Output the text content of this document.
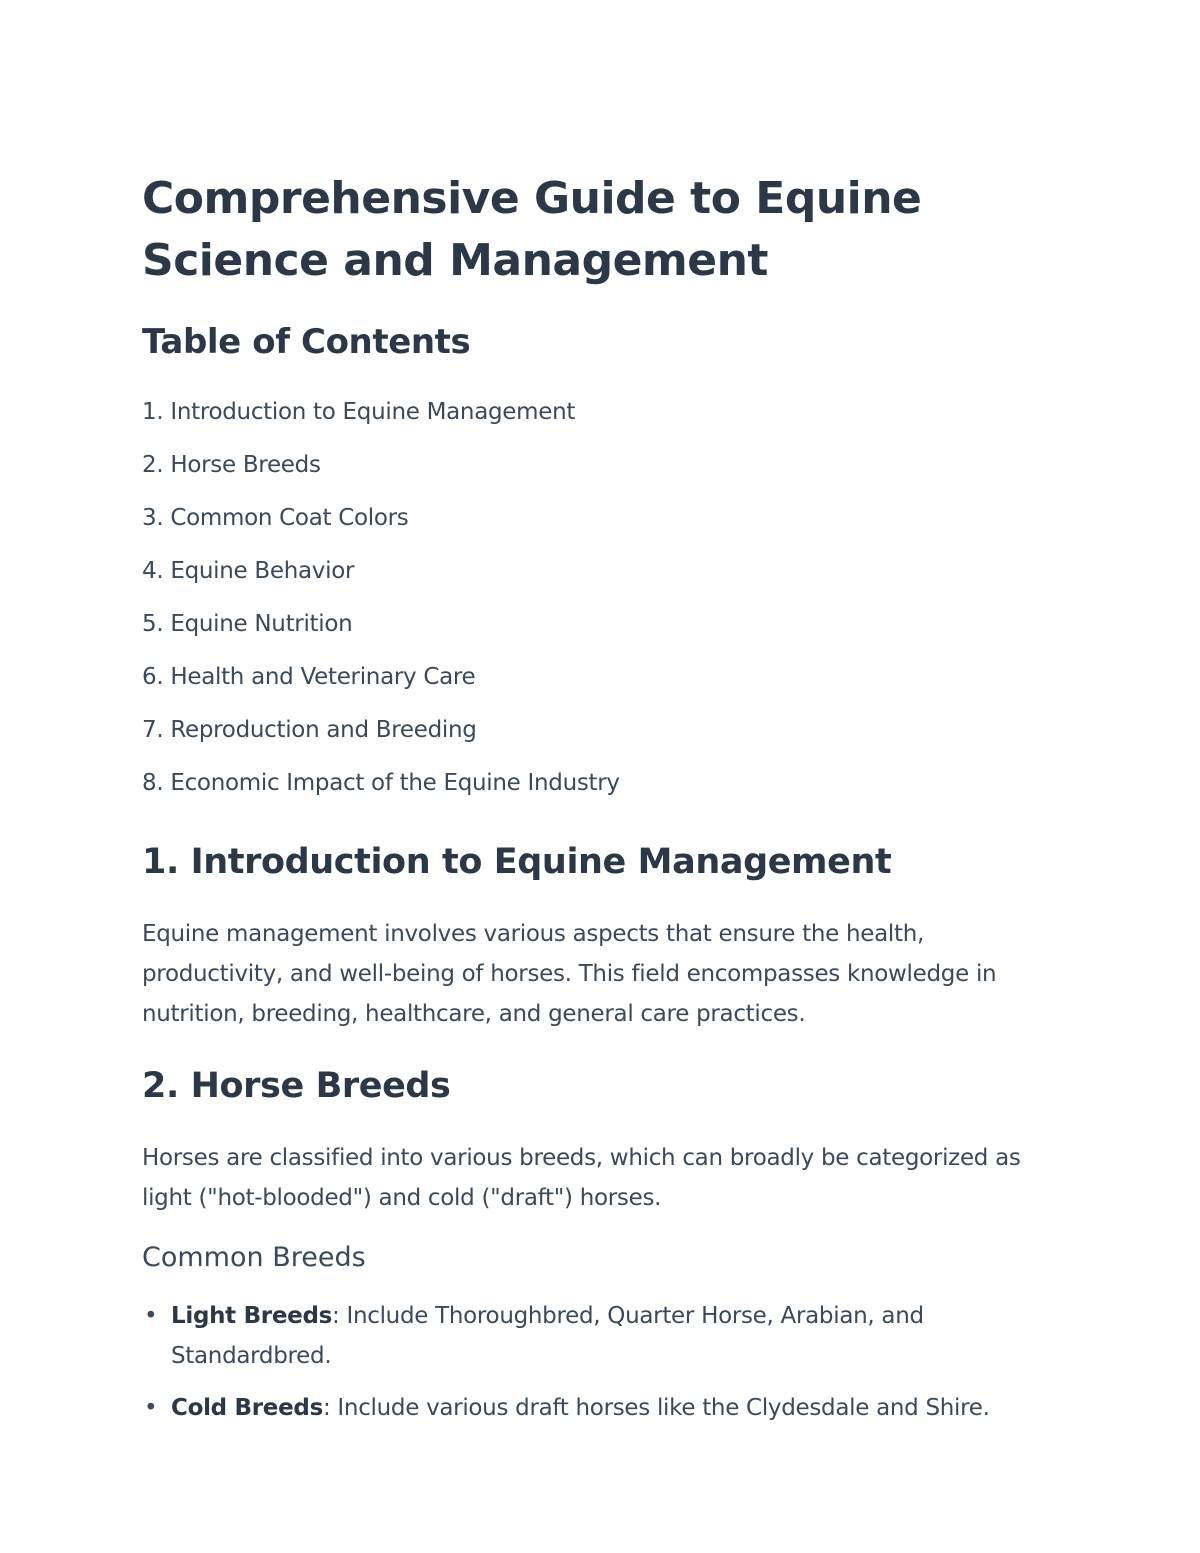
Comprehensive Guide to Equine Science and Management
Table of Contents
1. Introduction to Equine Management
2. Horse Breeds
3. Common Coat Colors
4. Equine Behavior
5. Equine Nutrition
6. Health and Veterinary Care
7. Reproduction and Breeding
8. Economic Impact of the Equine Industry
1. Introduction to Equine Management

Equine management involves various aspects that ensure the health, productivity, and well-being of horses. This field encompasses knowledge in nutrition, breeding, healthcare, and general care practices.

2. Horse Breeds

Horses are classified into various breeds, which can broadly be categorized as light ("hot-blooded") and cold ("draft") horses.

Common Breeds
• Light Breeds: Include Thoroughbred, Quarter Horse, Arabian, and Standardbred.
• Cold Breeds: Include various draft horses like the Clydesdale and Shire.
